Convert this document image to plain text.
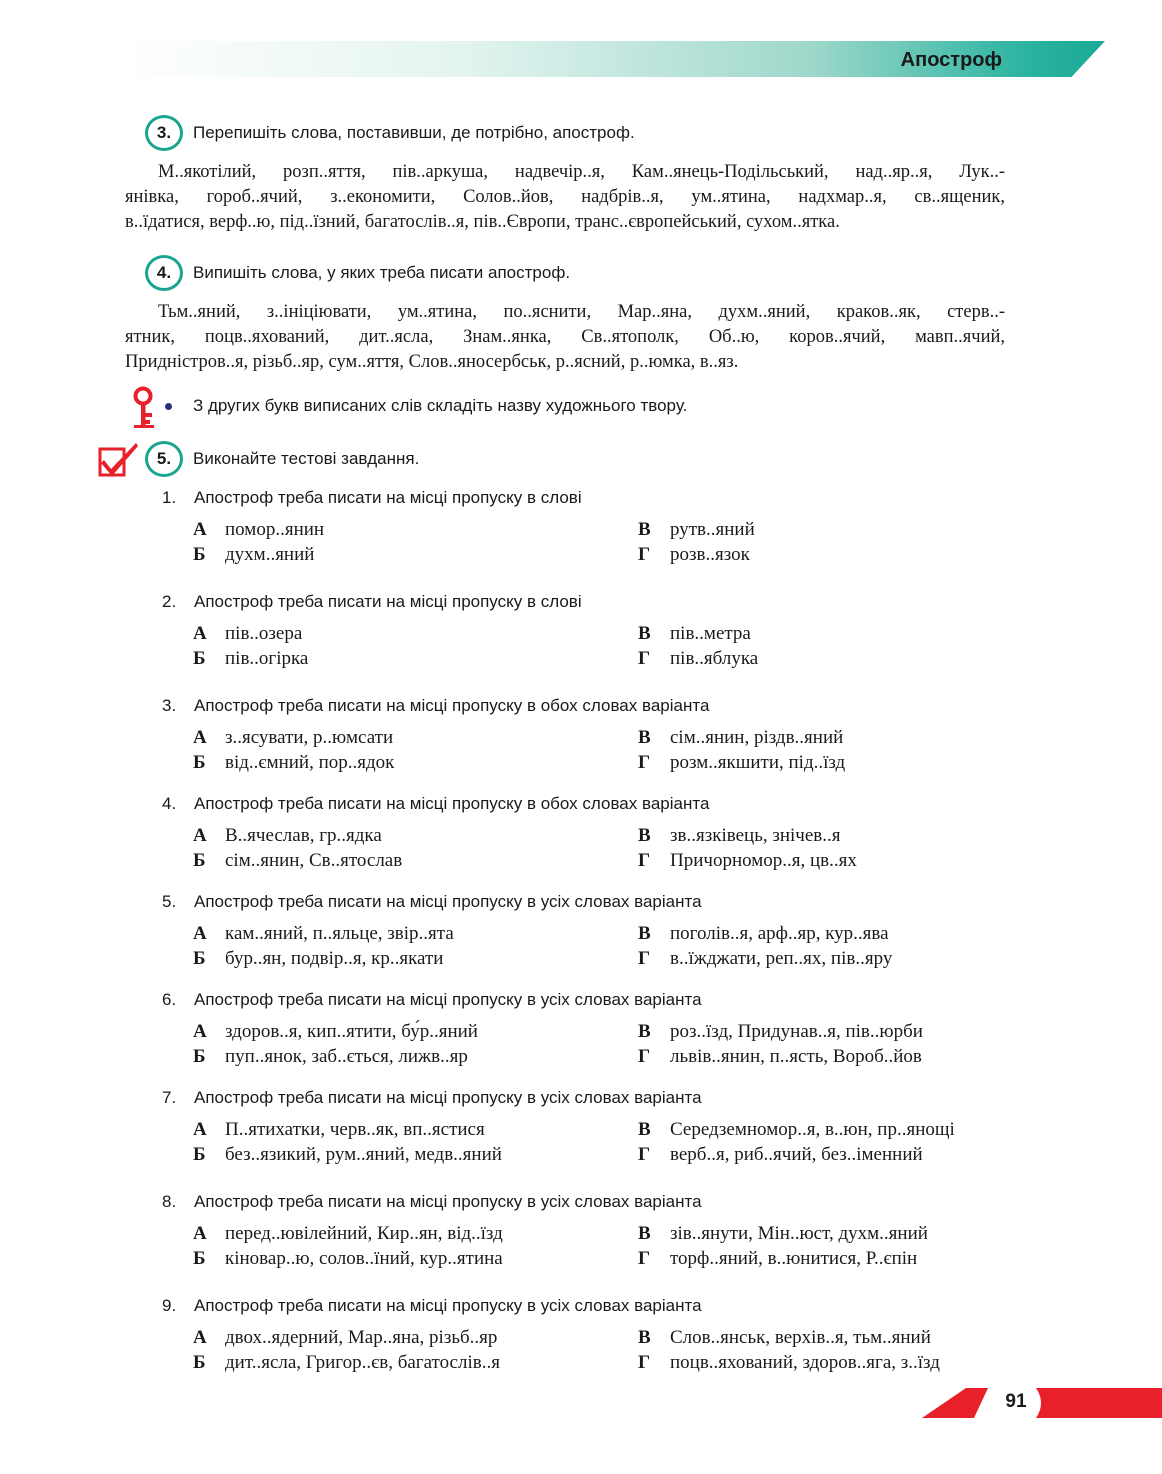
Апостроф
3.	Перепишіть слова, поставивши, де потрібно, апостроф.
М..якотілий, розп..яття, пів..аркуша, надвечір..я, Кам..янець-Подільський, над..яр..я, Лук..-
янівка, гороб..ячий, з..економити, Солов..йов, надбрів..я, ум..ятина, надхмар..я, св..ященик,
в..їдатися, верф..ю, під..їзний, багатослів..я, пів..Європи, транс..європейський, сухом..ятка.
4.	Випишіть слова, у яких треба писати апостроф.
Тьм..яний, з..ініціювати, ум..ятина, по..яснити, Мар..яна, духм..яний, краков..як, стерв..-
ятник, поцв..яхований, дит..ясла, Знам..янка, Св..ятополк, Об..ю, коров..ячий, мавп..ячий,
Придністров..я, різьб..яр, сум..яття, Слов..яносербськ, р..ясний, р..юмка, в..яз.
З других букв виписаних слів складіть назву художнього твору.
5.	Виконайте тестові завдання.
1. Апостроф треба писати на місці пропуску в слові
А помор..янин
Б духм..яний
В рутв..яний
Г розв..язок
2. Апостроф треба писати на місці пропуску в слові
А пів..озера
Б пів..огірка
В пів..метра
Г пів..яблука
3. Апостроф треба писати на місці пропуску в обох словах варіанта
А з..ясувати, р..юмсати
Б від..ємний, пор..ядок
В сім..янин, різдв..яний
Г розм..якшити, під..їзд
4. Апостроф треба писати на місці пропуску в обох словах варіанта
А В..ячеслав, гр..ядка
Б сім..янин, Св..ятослав
В зв..язківець, знічев..я
Г Причорномор..я, цв..ях
5. Апостроф треба писати на місці пропуску в усіх словах варіанта
А кам..яний, п..яльце, звір..ята
Б бур..ян, подвір..я, кр..якати
В поголів..я, арф..яр, кур..ява
Г в..їжджати, реп..ях, пів..яру
6. Апостроф треба писати на місці пропуску в усіх словах варіанта
А здоров..я, кип..ятити, бу́р..яний
Б пуп..янок, заб..ється, лижв..яр
В роз..їзд, Придунав..я, пів..юрби
Г львів..янин, п..ясть, Вороб..йов
7. Апостроф треба писати на місці пропуску в усіх словах варіанта
А П..ятихатки, черв..як, вп..ястися
Б без..язикий, рум..яний, медв..яний
В Середземномор..я, в..юн, пр..янощі
Г верб..я, риб..ячий, без..іменний
8. Апостроф треба писати на місці пропуску в усіх словах варіанта
А перед..ювілейний, Кир..ян, від..їзд
Б кіновар..ю, солов..їний, кур..ятина
В зів..янути, Мін..юст, духм..яний
Г торф..яний, в..юнитися, Р..єпін
9. Апостроф треба писати на місці пропуску в усіх словах варіанта
А двох..ядерний, Мар..яна, різьб..яр
Б дит..ясла, Григор..єв, багатослів..я
В Слов..янськ, верхів..я, тьм..яний
Г поцв..яхований, здоров..яга, з..їзд
91
